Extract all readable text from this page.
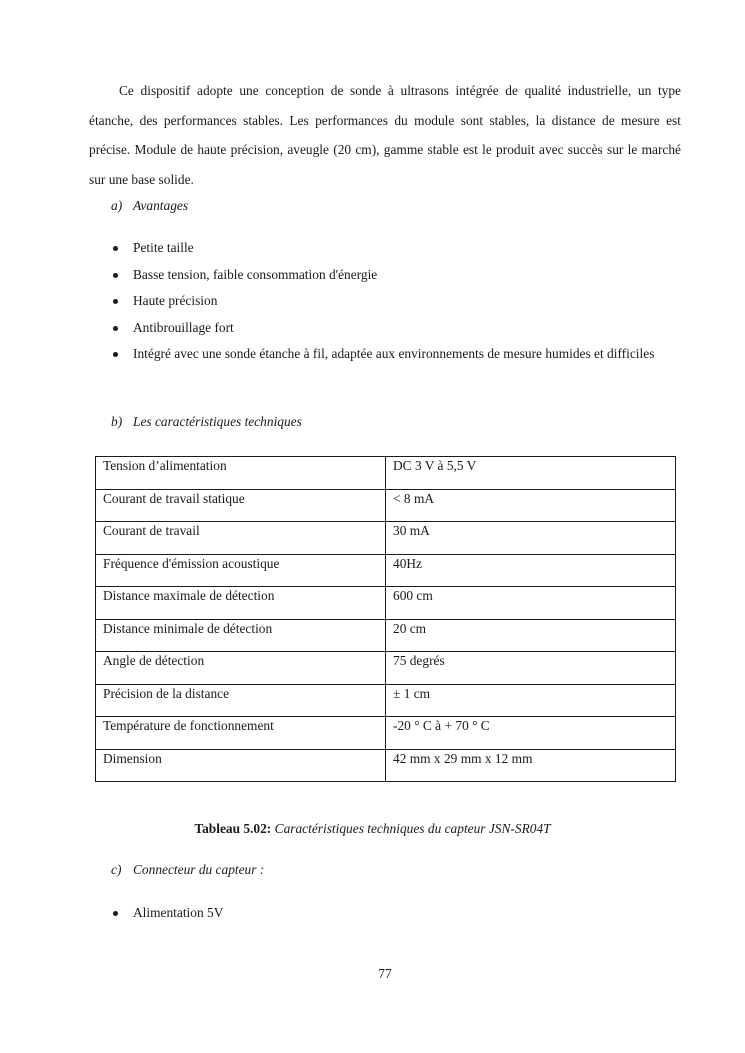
Ce dispositif adopte une conception de sonde à ultrasons intégrée de qualité industrielle, un type étanche, des performances stables. Les performances du module sont stables, la distance de mesure est précise. Module de haute précision, aveugle (20 cm), gamme stable est le produit avec succès sur le marché sur une base solide.

a) Avantages

Petite taille
Basse tension, faible consommation d'énergie
Haute précision
Antibrouillage fort
Intégré avec une sonde étanche à fil, adaptée aux environnements de mesure humides et difficiles

b) Les caractéristiques techniques

Tension d’alimentation	DC 3 V à 5,5 V
Courant de travail statique	< 8 mA
Courant de travail	30 mA
Fréquence d'émission acoustique	40Hz
Distance maximale de détection	600 cm
Distance minimale de détection	20 cm
Angle de détection	75 degrés
Précision de la distance	± 1 cm
Température de fonctionnement	-20 ° C à + 70 ° C
Dimension	42 mm x 29 mm x 12 mm

Tableau 5.02: Caractéristiques techniques du capteur JSN-SR04T

c) Connecteur du capteur :

Alimentation 5V

77
